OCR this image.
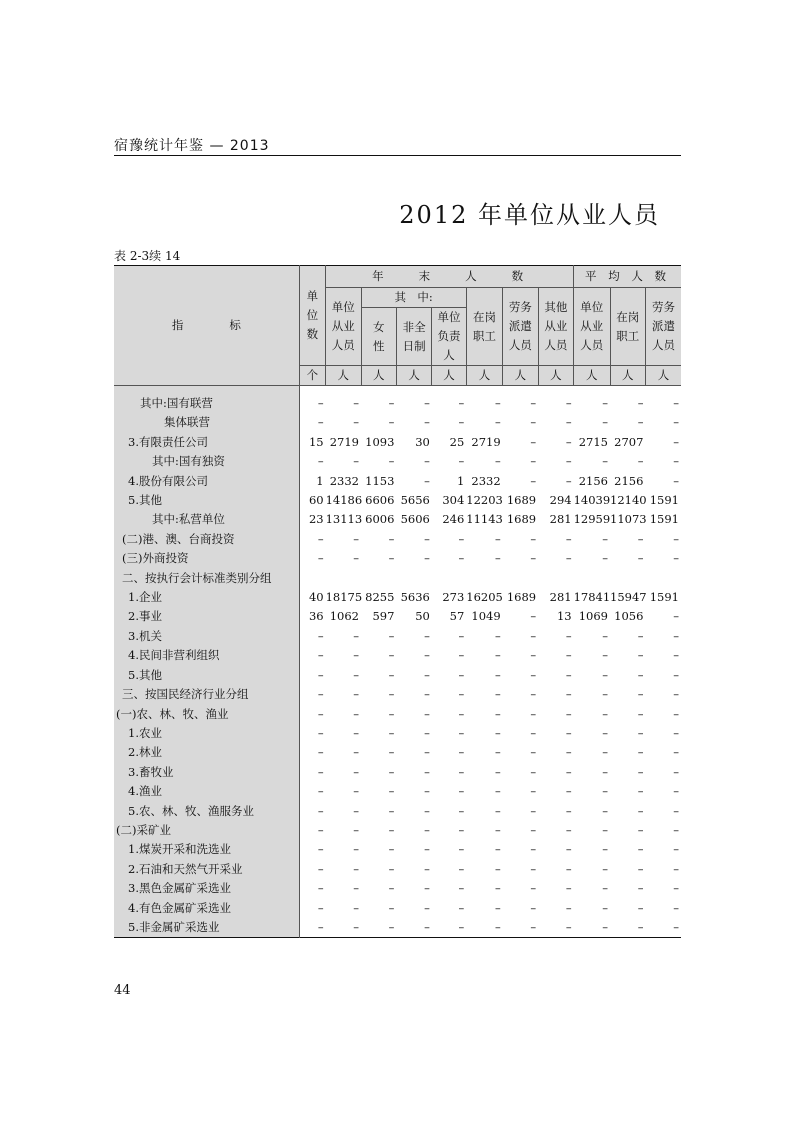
宿豫统计年鉴 — 2013
2012 年单位从业人员
表 2-3续 14
指　　　　标	单位数	年　　末　　人　　数							平 均 人 数		

		单位从业人员	其　中:			在岗职工	劳务派遣人员	其他从业人员	单位从业人员	在岗职工	劳务派遣人员

			女性	非全日制	单位负责人						

	个	人	人	人	人	人	人	人	人	人	人

其中:国有联营	–	–	–	–	–	–	–	–	–	–	–
集体联营	–	–	–	–	–	–	–	–	–	–	–
3.有限责任公司	15	2719	1093	30	25	2719	–	–	2715	2707	–
其中:国有独资	–	–	–	–	–	–	–	–	–	–	–
4.股份有限公司	1	2332	1153	–	1	2332	–	–	2156	2156	–
5.其他	60	14186	6606	5656	304	12203	1689	294	14039	12140	1591
其中:私营单位	23	13113	6006	5606	246	11143	1689	281	12959	11073	1591
(二)港、澳、台商投资	–	–	–	–	–	–	–	–	–	–	–
(三)外商投资	–	–	–	–	–	–	–	–	–	–	–
二、按执行会计标准类别分组											
1.企业	40	18175	8255	5636	273	16205	1689	281	17841	15947	1591
2.事业	36	1062	597	50	57	1049	–	13	1069	1056	–
3.机关	–	–	–	–	–	–	–	–	–	–	–
4.民间非营利组织	–	–	–	–	–	–	–	–	–	–	–
5.其他	–	–	–	–	–	–	–	–	–	–	–
三、按国民经济行业分组	–	–	–	–	–	–	–	–	–	–	–
(一)农、林、牧、渔业	–	–	–	–	–	–	–	–	–	–	–
1.农业	–	–	–	–	–	–	–	–	–	–	–
2.林业	–	–	–	–	–	–	–	–	–	–	–
3.畜牧业	–	–	–	–	–	–	–	–	–	–	–
4.渔业	–	–	–	–	–	–	–	–	–	–	–
5.农、林、牧、渔服务业	–	–	–	–	–	–	–	–	–	–	–
(二)采矿业	–	–	–	–	–	–	–	–	–	–	–
1.煤炭开采和洗选业	–	–	–	–	–	–	–	–	–	–	–
2.石油和天然气开采业	–	–	–	–	–	–	–	–	–	–	–
3.黑色金属矿采选业	–	–	–	–	–	–	–	–	–	–	–
4.有色金属矿采选业	–	–	–	–	–	–	–	–	–	–	–
5.非金属矿采选业	–	–	–	–	–	–	–	–	–	–	–
44
